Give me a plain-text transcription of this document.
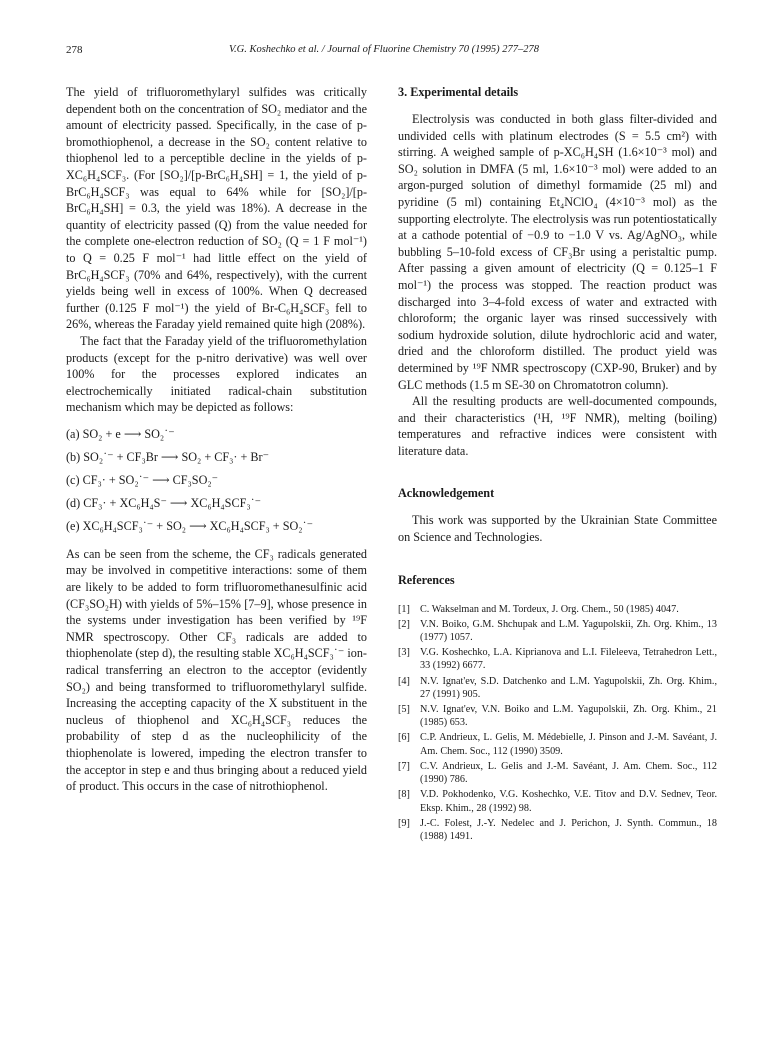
278	V.G. Koshechko et al. / Journal of Fluorine Chemistry 70 (1995) 277–278

The yield of trifluoromethylaryl sulfides was critically dependent both on the concentration of SO₂ mediator and the amount of electricity passed. Specifically, in the case of p-bromothiophenol, a decrease in the SO₂ content relative to thiophenol led to a perceptible decline in the yields of p-XC₆H₄SCF₃. (For [SO₂]/[p-BrC₆H₄SH] = 1, the yield of p-BrC₆H₄SCF₃ was equal to 64% while for [SO₂]/[p-BrC₆H₄SH] = 0.3, the yield was 18%). A decrease in the quantity of electricity passed (Q) from the value needed for the complete one-electron reduction of SO₂ (Q = 1 F mol⁻¹) to Q = 0.25 F mol⁻¹ had little effect on the yield of BrC₆H₄SCF₃ (70% and 64%, respectively), with the current yields being well in excess of 100%. When Q decreased further (0.125 F mol⁻¹) the yield of Br-C₆H₄SCF₃ fell to 26%, whereas the Faraday yield remained quite high (208%).

The fact that the Faraday yield of the trifluoromethylation products (except for the p-nitro derivative) was well over 100% for the processes explored indicates an electrochemically initiated radical-chain substitution mechanism which may be depicted as follows:

(a) SO₂ + e ⟶ SO₂˙⁻
(b) SO₂˙⁻ + CF₃Br ⟶ SO₂ + CF₃· + Br⁻
(c) CF₃· + SO₂˙⁻ ⟶ CF₃SO₂⁻
(d) CF₃· + XC₆H₄S⁻ ⟶ XC₆H₄SCF₃˙⁻
(e) XC₆H₄SCF₃˙⁻ + SO₂ ⟶ XC₆H₄SCF₃ + SO₂˙⁻

As can be seen from the scheme, the CF₃ radicals generated may be involved in competitive interactions: some of them are likely to be added to form trifluoromethanesulfinic acid (CF₃SO₂H) with yields of 5%–15% [7–9], whose presence in the systems under investigation has been verified by ¹⁹F NMR spectroscopy. Other CF₃ radicals are added to thiophenolate (step d), the resulting stable XC₆H₄SCF₃˙⁻ ion-radical transferring an electron to the acceptor (evidently SO₂) and being transformed to trifluoromethylaryl sulfide. Increasing the accepting capacity of the X substituent in the nucleus of thiophenol and XC₆H₄SCF₃ reduces the probability of step d as the nucleophilicity of the thiophenolate is lowered, impeding the electron transfer to the acceptor in step e and thus bringing about a reduced yield of product. This occurs in the case of nitrothiophenol.

3. Experimental details

Electrolysis was conducted in both glass filter-divided and undivided cells with platinum electrodes (S = 5.5 cm²) with stirring. A weighed sample of p-XC₆H₄SH (1.6×10⁻³ mol) and SO₂ solution in DMFA (5 ml, 1.6×10⁻³ mol) were added to an argon-purged solution of dimethyl formamide (25 ml) and pyridine (5 ml) containing Et₄NClO₄ (4×10⁻³ mol) as the supporting electrolyte. The electrolysis was run potentiostatically at a cathode potential of −0.9 to −1.0 V vs. Ag/AgNO₃, while bubbling 5–10-fold excess of CF₃Br using a peristaltic pump. After passing a given amount of electricity (Q = 0.125–1 F mol⁻¹) the process was stopped. The reaction product was discharged into 3–4-fold excess of water and extracted with chloroform; the organic layer was rinsed successively with sodium hydroxide solution, dilute hydrochloric acid and water, dried and the chloroform distilled. The product yield was determined by ¹⁹F NMR spectroscopy (CXP-90, Bruker) and by GLC methods (1.5 m SE-30 on Chromatotron column).

All the resulting products are well-documented compounds, and their characteristics (¹H, ¹⁹F NMR), melting (boiling) temperatures and refractive indices were consistent with literature data.

Acknowledgement

This work was supported by the Ukrainian State Committee on Science and Technologies.

References
[1] C. Wakselman and M. Tordeux, J. Org. Chem., 50 (1985) 4047.
[2] V.N. Boiko, G.M. Shchupak and L.M. Yagupolskii, Zh. Org. Khim., 13 (1977) 1057.
[3] V.G. Koshechko, L.A. Kiprianova and L.I. Fileleeva, Tetrahedron Lett., 33 (1992) 6677.
[4] N.V. Ignat'ev, S.D. Datchenko and L.M. Yagupolskii, Zh. Org. Khim., 27 (1991) 905.
[5] N.V. Ignat'ev, V.N. Boiko and L.M. Yagupolskii, Zh. Org. Khim., 21 (1985) 653.
[6] C.P. Andrieux, L. Gelis, M. Médebielle, J. Pinson and J.-M. Savéant, J. Am. Chem. Soc., 112 (1990) 3509.
[7] C.V. Andrieux, L. Gelis and J.-M. Savéant, J. Am. Chem. Soc., 112 (1990) 786.
[8] V.D. Pokhodenko, V.G. Koshechko, V.E. Titov and D.V. Sednev, Teor. Eksp. Khim., 28 (1992) 98.
[9] J.-C. Folest, J.-Y. Nedelec and J. Perichon, J. Synth. Commun., 18 (1988) 1491.
